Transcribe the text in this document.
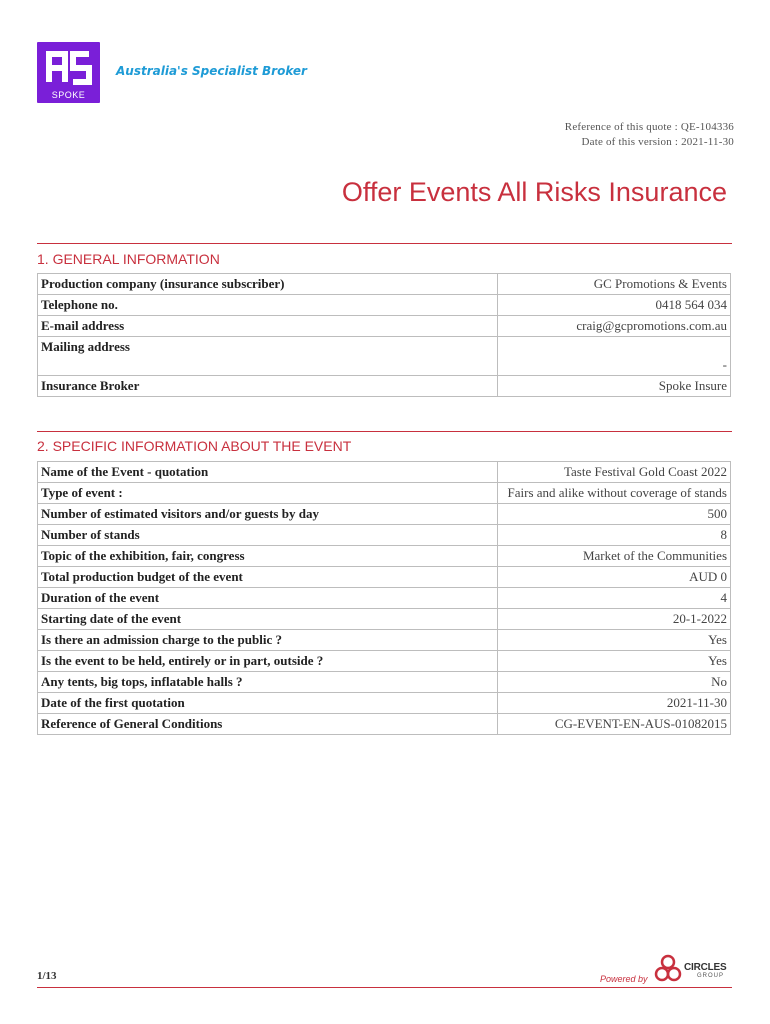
SPOKE
Australia's Specialist Broker
Reference of this quote : QE-104336
Date of this version : 2021-11-30
Offer Events All Risks Insurance
1. GENERAL INFORMATION
Production company (insurance subscriber)	GC Promotions & Events
Telephone no.	0418 564 034
E-mail address	craig@gcpromotions.com.au
Mailing address	-
Insurance Broker	Spoke Insure
2. SPECIFIC INFORMATION ABOUT THE EVENT
Name of the Event - quotation	Taste Festival Gold Coast 2022
Type of event :	Fairs and alike without coverage of stands
Number of estimated visitors and/or guests by day	500
Number of stands	8
Topic of the exhibition, fair, congress	Market of the Communities
Total production budget of the event	AUD 0
Duration of the event	4
Starting date of the event	20-1-2022
Is there an admission charge to the public ?	Yes
Is the event to be held, entirely or in part, outside ?	Yes
Any tents, big tops, inflatable halls ?	No
Date of the first quotation	2021-11-30
Reference of General Conditions	CG-EVENT-EN-AUS-01082015
1/13	Powered by
CIRCLES
GROUP
